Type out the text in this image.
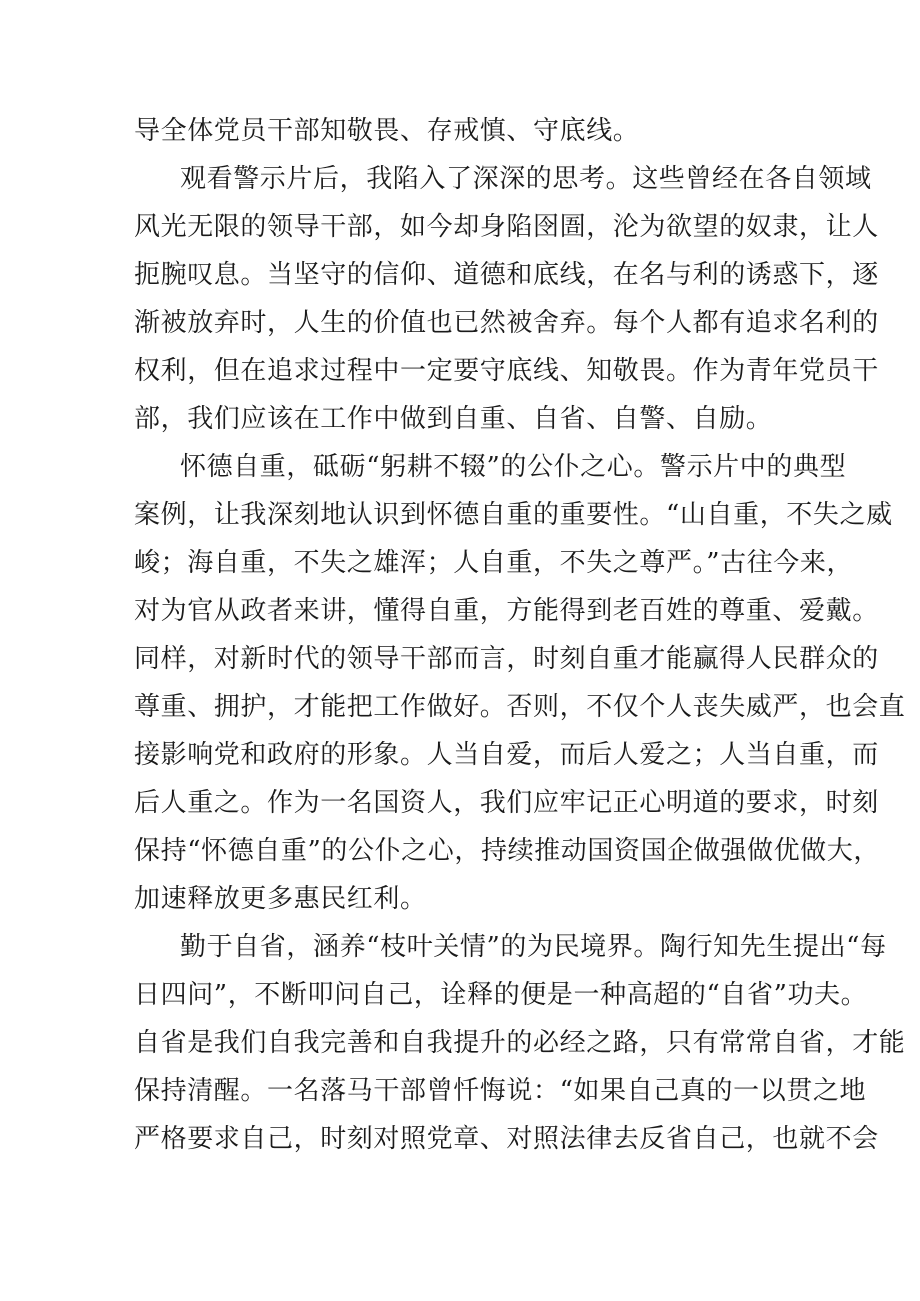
导全体党员干部知敬畏、存戒慎、守底线。
观看警示片后，我陷入了深深的思考。这些曾经在各自领域
风光无限的领导干部，如今却身陷囹圄，沦为欲望的奴隶，让人
扼腕叹息。当坚守的信仰、道德和底线，在名与利的诱惑下，逐
渐被放弃时，人生的价值也已然被舍弃。每个人都有追求名利的
权利，但在追求过程中一定要守底线、知敬畏。作为青年党员干
部，我们应该在工作中做到自重、自省、自警、自励。
怀德自重，砥砺“躬耕不辍”的公仆之心。警示片中的典型
案例，让我深刻地认识到怀德自重的重要性。“山自重，不失之威
峻；海自重，不失之雄浑；人自重，不失之尊严。”古往今来，
对为官从政者来讲，懂得自重，方能得到老百姓的尊重、爱戴。
同样，对新时代的领导干部而言，时刻自重才能赢得人民群众的
尊重、拥护，才能把工作做好。否则，不仅个人丧失威严，也会直
接影响党和政府的形象。人当自爱，而后人爱之；人当自重，而
后人重之。作为一名国资人，我们应牢记正心明道的要求，时刻
保持“怀德自重”的公仆之心，持续推动国资国企做强做优做大，
加速释放更多惠民红利。
勤于自省，涵养“枝叶关情”的为民境界。陶行知先生提出“每
日四问”，不断叩问自己，诠释的便是一种高超的“自省”功夫。
自省是我们自我完善和自我提升的必经之路，只有常常自省，才能
保持清醒。一名落马干部曾忏悔说：“如果自己真的一以贯之地
严格要求自己，时刻对照党章、对照法律去反省自己，也就不会
